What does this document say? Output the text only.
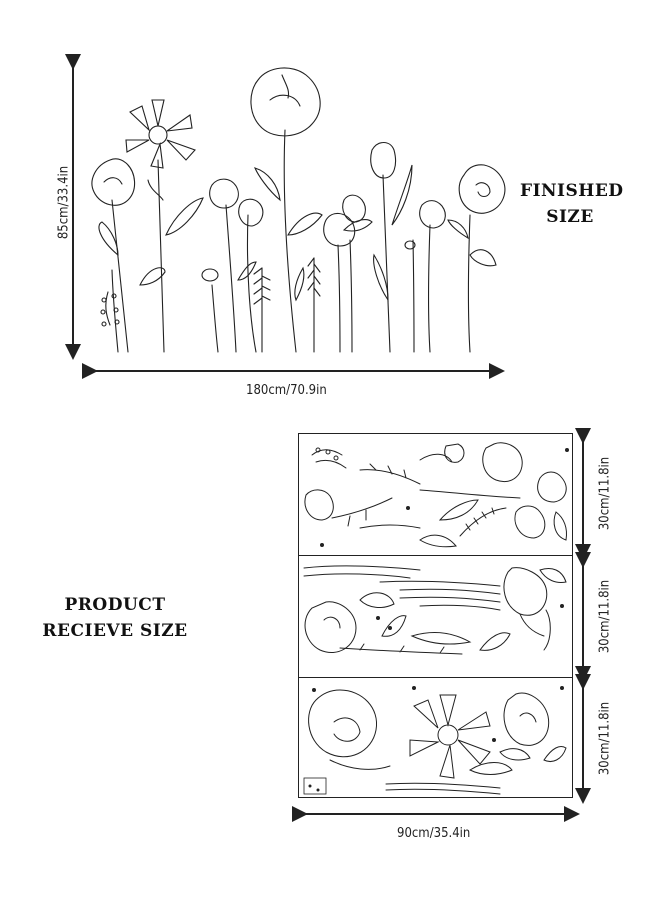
85cm/33.4in
180cm/70.9in
FINISHED
SIZE
PRODUCT
RECIEVE SIZE
30cm/11.8in
30cm/11.8in
30cm/11.8in
90cm/35.4in
